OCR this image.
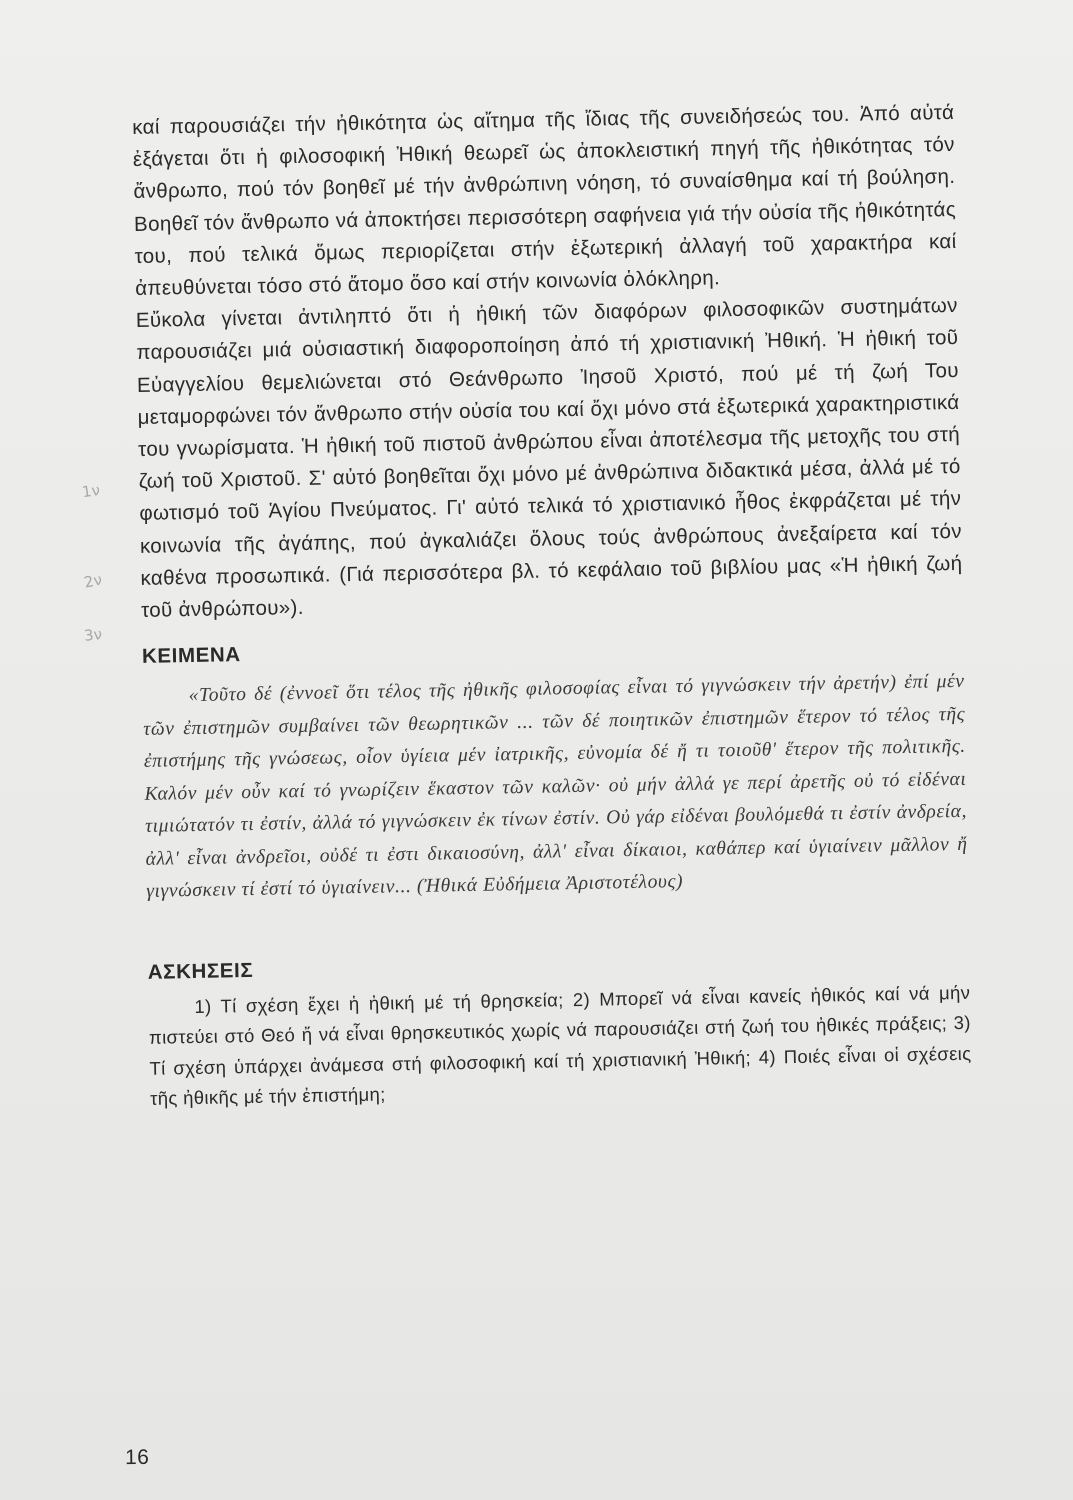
καί παρουσιάζει τήν ἠθικότητα ὡς αἴτημα τῆς ἴδιας τῆς συνειδήσεώς του. Ἀπό αὐτά ἐξάγεται ὅτι ἡ φιλοσοφική Ἠθική θεωρεῖ ὡς ἀποκλειστική πηγή τῆς ἠθικότητας τόν ἄνθρωπο, πού τόν βοηθεῖ μέ τήν ἀνθρώπινη νόηση, τό συναίσθημα καί τή βούληση. Βοηθεῖ τόν ἄνθρωπο νά ἀποκτήσει περισσότερη σαφήνεια γιά τήν οὐσία τῆς ἠθικότητάς του, πού τελικά ὅμως περιορίζεται στήν ἐξωτερική ἀλλαγή τοῦ χαρακτήρα καί ἀπευθύνεται τόσο στό ἄτομο ὅσο καί στήν κοινωνία ὁλόκληρη.

Εὔκολα γίνεται ἀντιληπτό ὅτι ἡ ἠθική τῶν διαφόρων φιλοσοφικῶν συστημάτων παρουσιάζει μιά οὐσιαστική διαφοροποίηση ἀπό τή χριστιανική Ἠθική. Ἡ ἠθική τοῦ Εὐαγγελίου θεμελιώνεται στό Θεάνθρωπο Ἰησοῦ Χριστό, πού μέ τή ζωή Του μεταμορφώνει τόν ἄνθρωπο στήν οὐσία του καί ὄχι μόνο στά ἐξωτερικά χαρακτηριστικά του γνωρίσματα. Ἡ ἠθική τοῦ πιστοῦ ἀνθρώπου εἶναι ἀποτέλεσμα τῆς μετοχῆς του στή ζωή τοῦ Χριστοῦ. Σ' αὐτό βοηθεῖται ὄχι μόνο μέ ἀνθρώπινα διδακτικά μέσα, ἀλλά μέ τό φωτισμό τοῦ Ἁγίου Πνεύματος. Γι' αὐτό τελικά τό χριστιανικό ἦθος ἐκφράζεται μέ τήν κοινωνία τῆς ἀγάπης, πού ἀγκαλιάζει ὅλους τούς ἀνθρώπους ἀνεξαίρετα καί τόν καθένα προσωπικά. (Γιά περισσότερα βλ. τό κεφάλαιο τοῦ βιβλίου μας «Ἡ ἠθική ζωή τοῦ ἀνθρώπου»).

ΚΕΙΜΕΝΑ

«Τοῦτο δέ (ἐννοεῖ ὅτι τέλος τῆς ἠθικῆς φιλοσοφίας εἶναι τό γιγνώσκειν τήν ἀρετήν) ἐπί μέν τῶν ἐπιστημῶν συμβαίνει τῶν θεωρητικῶν ... τῶν δέ ποιητικῶν ἐπιστημῶν ἕτερον τό τέλος τῆς ἐπιστήμης τῆς γνώσεως, οἷον ὑγίεια μέν ἰατρικῆς, εὐνομία δέ ἤ τι τοιοῦθ' ἕτερον τῆς πολιτικῆς. Καλόν μέν οὖν καί τό γνωρίζειν ἕκαστον τῶν καλῶν· οὐ μήν ἀλλά γε περί ἀρετῆς οὐ τό εἰδέναι τιμιώτατόν τι ἐστίν, ἀλλά τό γιγνώσκειν ἐκ τίνων ἐστίν. Οὐ γάρ εἰδέναι βουλόμεθά τι ἐστίν ἀνδρεία, ἀλλ' εἶναι ἀνδρεῖοι, οὐδέ τι ἐστι δικαιοσύνη, ἀλλ' εἶναι δίκαιοι, καθάπερ καί ὑγιαίνειν μᾶλλον ἤ γιγνώσκειν τί ἐστί τό ὑγιαίνειν... (Ἠθικά Εὐδήμεια Ἀριστοτέλους)

ΑΣΚΗΣΕΙΣ

1) Τί σχέση ἔχει ἡ ἠθική μέ τή θρησκεία; 2) Μπορεῖ νά εἶναι κανείς ἠθικός καί νά μήν πιστεύει στό Θεό ἤ νά εἶναι θρησκευτικός χωρίς νά παρουσιάζει στή ζωή του ἠθικές πράξεις; 3) Τί σχέση ὑπάρχει ἀνάμεσα στή φιλοσοφική καί τή χριστιανική Ἠθική; 4) Ποιές εἶναι οἱ σχέσεις τῆς ἠθικῆς μέ τήν ἐπιστήμη;

1ν

2ν

3ν

16
